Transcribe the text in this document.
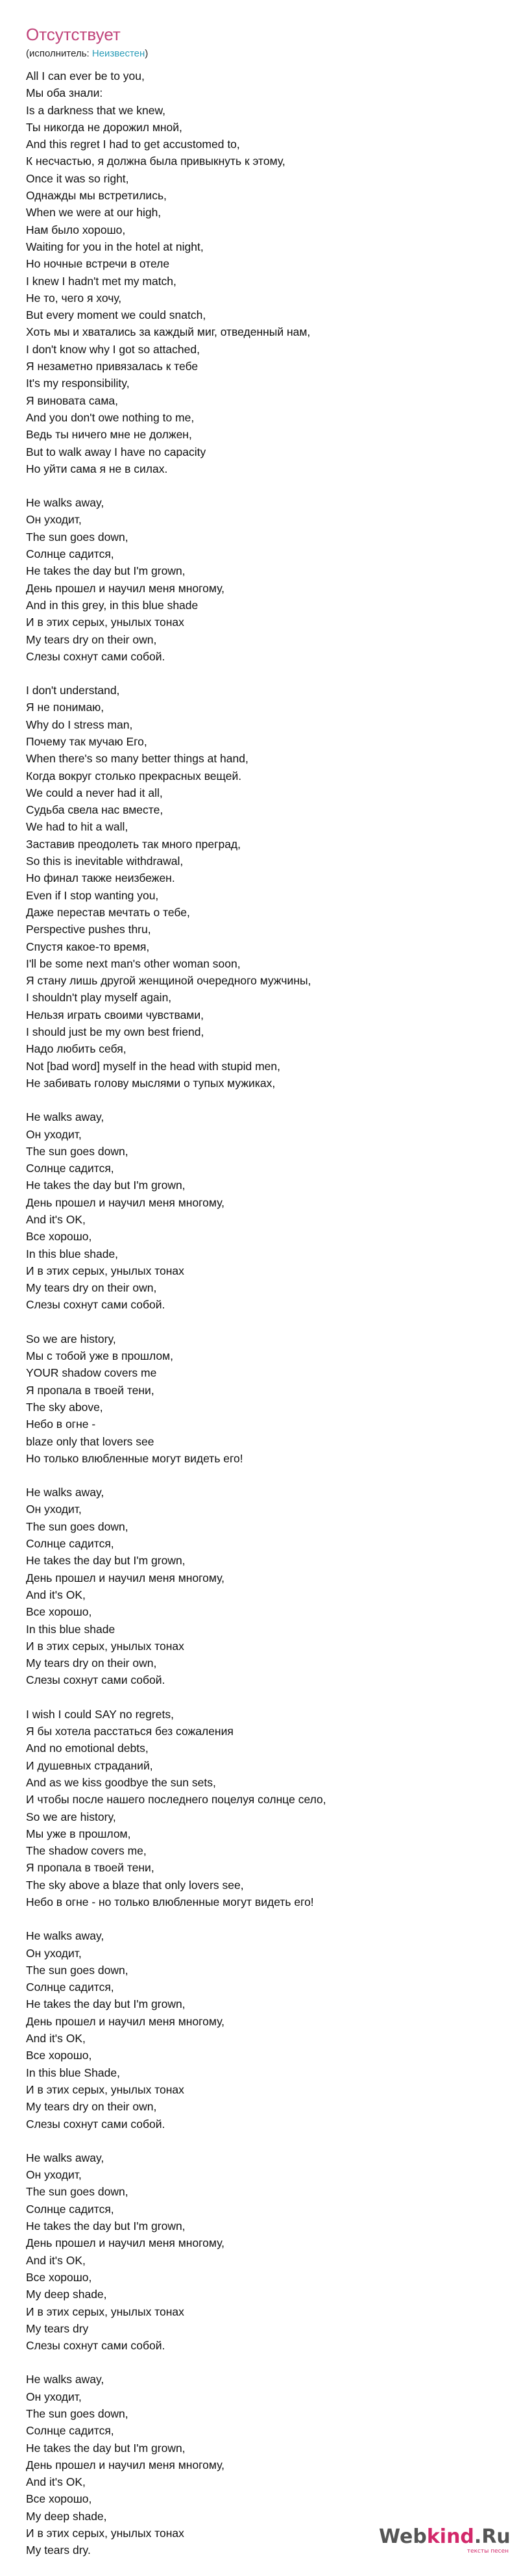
Отсутствует
(исполнитель: Неизвестен)
All I can ever be to you,
Мы оба знали:
Is a darkness that we knew,
Ты никогда не дорожил мной,
And this regret I had to get accustomed to,
К несчастью, я должна была привыкнуть к этому,
Once it was so right,
Однажды мы встретились,
When we were at our high,
Нам было хорошо,
Waiting for you in the hotel at night,
Но ночные встречи в отеле
I knew I hadn't met my match,
Не то, чего я хочу,
But every moment we could snatch,
Хоть мы и хватались за каждый миг, отведенный нам,
I don't know why I got so attached,
Я незаметно привязалась к тебе
It's my responsibility,
Я виновата сама,
And you don't owe nothing to me,
Ведь ты ничего мне не должен,
But to walk away I have no capacity
Но уйти сама я не в силах.
He walks away,
Он уходит,
The sun goes down,
Солнце садится,
He takes the day but I'm grown,
День прошел и научил меня многому,
And in this grey, in this blue shade
И в этих серых, унылых тонах
My tears dry on their own,
Слезы сохнут сами собой.
I don't understand,
Я не понимаю,
Why do I stress man,
Почему так мучаю Его,
When there's so many better things at hand,
Когда вокруг столько прекрасных вещей.
We could a never had it all,
Судьба свела нас вместе,
We had to hit a wall,
Заставив преодолеть так много преград,
So this is inevitable withdrawal,
Но финал также неизбежен.
Even if I stop wanting you,
Даже перестав мечтать о тебе,
Perspective pushes thru,
Спустя какое-то время,
I'll be some next man's other woman soon,
Я стану лишь другой женщиной очередного мужчины,
I shouldn't play myself again,
Нельзя играть своими чувствами,
I should just be my own best friend,
Надо любить себя,
Not [bad word] myself in the head with stupid men,
Не забивать голову мыслями о тупых мужиках,
He walks away,
Он уходит,
The sun goes down,
Солнце садится,
He takes the day but I'm grown,
День прошел и научил меня многому,
And it's OK,
Все хорошо,
In this blue shade,
И в этих серых, унылых тонах
My tears dry on their own,
Слезы сохнут сами собой.
So we are history,
Мы с тобой уже в прошлом,
YOUR shadow covers me
Я пропала в твоей тени,
The sky above,
Небо в огне -
blaze only that lovers see
Но только влюбленные могут видеть его!
He walks away,
Он уходит,
The sun goes down,
Солнце садится,
He takes the day but I'm grown,
День прошел и научил меня многому,
And it's OK,
Все хорошо,
In this blue shade
И в этих серых, унылых тонах
My tears dry on their own,
Слезы сохнут сами собой.
I wish I could SAY no regrets,
Я бы хотела расстаться без сожаления
And no emotional debts,
И душевных страданий,
And as we kiss goodbye the sun sets,
И чтобы после нашего последнего поцелуя солнце село,
So we are history,
Мы уже в прошлом,
The shadow covers me,
Я пропала в твоей тени,
The sky above a blaze that only lovers see,
Небо в огне - но только влюбленные могут видеть его!
He walks away,
Он уходит,
The sun goes down,
Солнце садится,
He takes the day but I'm grown,
День прошел и научил меня многому,
And it's OK,
Все хорошо,
In this blue Shade,
И в этих серых, унылых тонах
My tears dry on their own,
Слезы сохнут сами собой.
He walks away,
Он уходит,
The sun goes down,
Солнце садится,
He takes the day but I'm grown,
День прошел и научил меня многому,
And it's OK,
Все хорошо,
My deep shade,
И в этих серых, унылых тонах
My tears dry
Слезы сохнут сами собой.
He walks away,
Он уходит,
The sun goes down,
Солнце садится,
He takes the day but I'm grown,
День прошел и научил меня многому,
And it's OK,
Все хорошо,
My deep shade,
И в этих серых, унылых тонах
My tears dry.
Webkind.Ru
тексты песен
